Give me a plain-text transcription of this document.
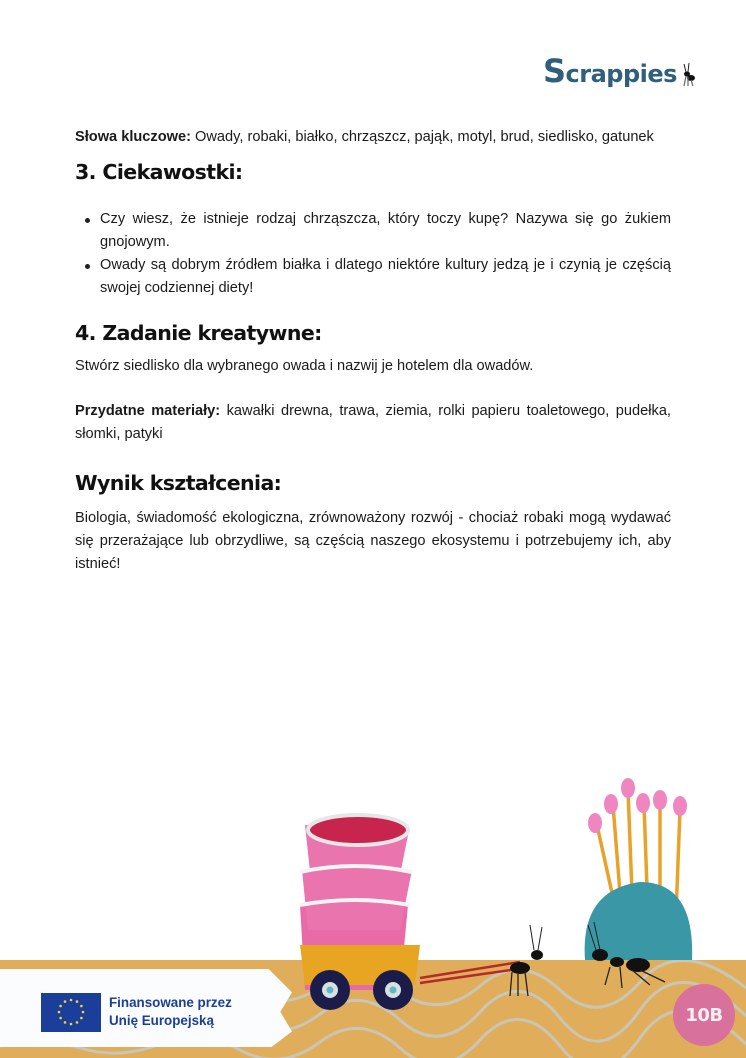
Scrappies

Słowa kluczowe: Owady, robaki, białko, chrząszcz, pająk, motyl, brud, siedlisko, gatunek

3. Ciekawostki:
Czy wiesz, że istnieje rodzaj chrząszcza, który toczy kupę? Nazywa się go żukiem gnojowym.
Owady są dobrym źródłem białka i dlatego niektóre kultury jedzą je i czynią je częścią swojej codziennej diety!
4. Zadanie kreatywne:

Stwórz siedlisko dla wybranego owada i nazwij je hotelem dla owadów.

Przydatne materiały: kawałki drewna, trawa, ziemia, rolki papieru toaletowego, pudełka, słomki, patyki

Wynik kształcenia:

Biologia, świadomość ekologiczna, zrównoważony rozwój - chociaż robaki mogą wydawać się przerażające lub obrzydliwe, są częścią naszego ekosystemu i potrzebujemy ich, aby istnieć!

Finansowane przez
Unię Europejską	10B
